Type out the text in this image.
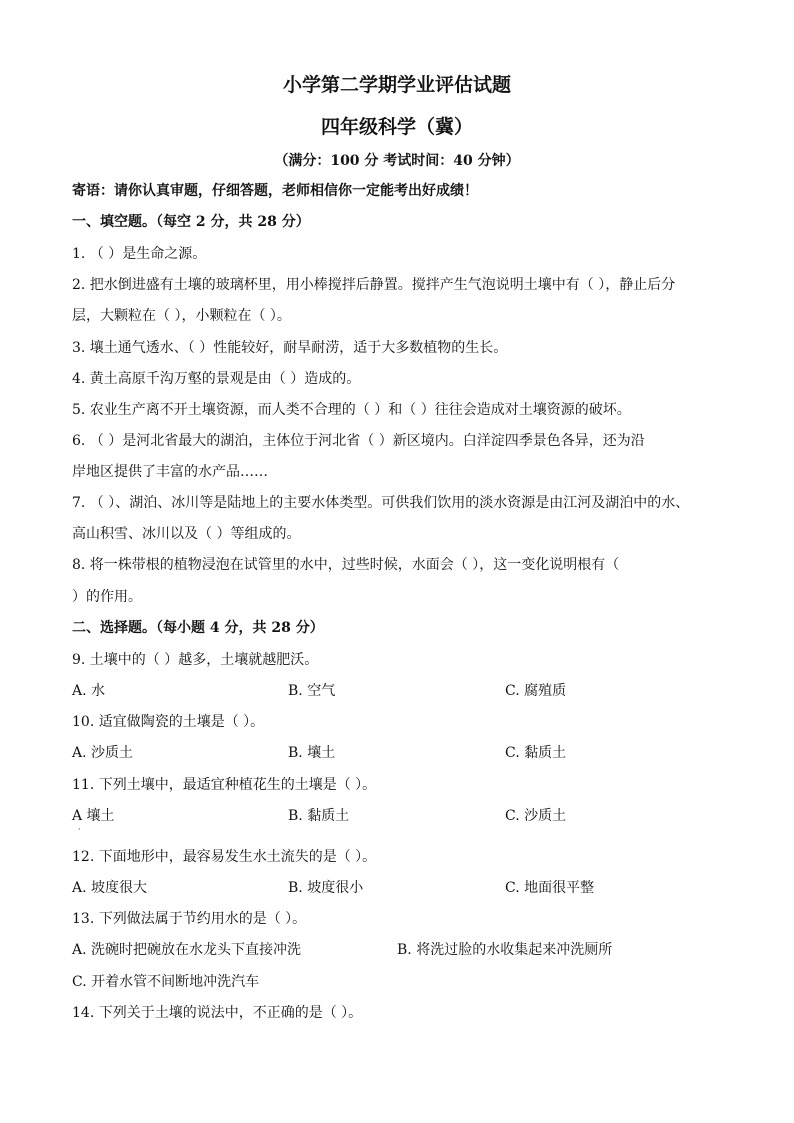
小学第二学期学业评估试题
四年级科学（冀）
（满分：100 分 考试时间：40 分钟）
寄语：请你认真审题，仔细答题，老师相信你一定能考出好成绩！
一、填空题。（每空 2 分，共 28 分）
1. （ ）是生命之源。
2. 把水倒进盛有土壤的玻璃杯里，用小棒搅拌后静置。搅拌产生气泡说明土壤中有（ ），静止后分
层，大颗粒在（ ），小颗粒在（ ）。
3. 壤土通气透水、（ ）性能较好，耐旱耐涝，适于大多数植物的生长。
4. 黄土高原千沟万壑的景观是由（ ）造成的。
5. 农业生产离不开土壤资源，而人类不合理的（ ）和（ ）往往会造成对土壤资源的破坏。
6. （ ）是河北省最大的湖泊，主体位于河北省（ ）新区境内。白洋淀四季景色各异，还为沿
岸地区提供了丰富的水产品……
7. （ ）、湖泊、冰川等是陆地上的主要水体类型。可供我们饮用的淡水资源是由江河及湖泊中的水、
高山积雪、冰川以及（ ）等组成的。
8. 将一株带根的植物浸泡在试管里的水中，过些时候，水面会（ ），这一变化说明根有（
）的作用。
二、选择题。（每小题 4 分，共 28 分）
9. 土壤中的（ ）越多，土壤就越肥沃。
A. 水	B. 空气	C. 腐殖质
10. 适宜做陶瓷的土壤是（ ）。
A. 沙质土	B. 壤土	C. 黏质土
11. 下列土壤中，最适宜种植花生的土壤是（ ）。
A 壤土	B. 黏质土	C. 沙质土
·
12. 下面地形中，最容易发生水土流失的是（ ）。
A. 坡度很大	B. 坡度很小	C. 地面很平整
13. 下列做法属于节约用水的是（ ）。
A. 洗碗时把碗放在水龙头下直接冲洗	B. 将洗过脸的水收集起来冲洗厕所
C. 开着水管不间断地冲洗汽车
14. 下列关于土壤的说法中，不正确的是（ ）。
